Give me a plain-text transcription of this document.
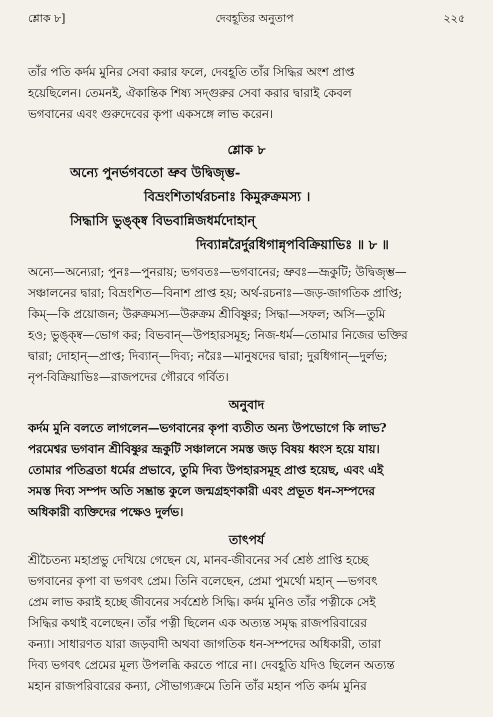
শ্লোক ৮]	দেবহূতির অনুতাপ	২২৫

তাঁর পতি কর্দম মুনির সেবা করার ফলে, দেবহূতি তাঁর সিদ্ধির অংশ প্রাপ্ত

হয়েছিলেন। তেমনই, ঐকান্তিক শিষ্য সদ্গুরুর সেবা করার দ্বারাই কেবল

ভগবানের এবং গুরুদেবের কৃপা একসঙ্গে লাভ করেন।

শ্লোক ৮

অন্যে পুনর্ভগবতো ভ্রুব উদ্বিজৃম্ভ-

বিভ্রংশিতার্থরচনাঃ কিমুরুক্রমস্য ।

সিদ্ধাসি ভুঙ্ক্ষ্ব বিভবান্নিজধর্মদোহান্

দিব্যান্নরৈর্দুরধিগান্নৃপবিক্রিয়াভিঃ ॥ ৮ ॥

অন্যে—অন্যেরা; পুনঃ—পুনরায়; ভগবতঃ—ভগবানের; ভ্রুবঃ—ভ্রূকুটি; উদ্বিজৃম্ভ—

সঞ্চালনের দ্বারা; বিভ্রংশিত—বিনাশ প্রাপ্ত হয়; অর্থ-রচনাঃ—জড়-জাগতিক প্রাপ্তি;

কিম্—কি প্রয়োজন; উরুক্রমস্য—উরুক্রম শ্রীবিষ্ণুর; সিদ্ধা—সফল; অসি—তুমি

হও; ভুঙ্ক্ষ্ব—ভোগ কর; বিভবান্—উপহারসমূহ; নিজ-ধর্ম—তোমার নিজের ভক্তির

দ্বারা; দোহান্—প্রাপ্ত; দিব্যান্—দিব্য; নরৈঃ—মানুষদের দ্বারা; দুরধিগান্—দুর্লভ;

নৃপ-বিক্রিয়াভিঃ—রাজপদের গৌরবে গর্বিত।

অনুবাদ

কর্দম মুনি বলতে লাগলেন—ভগবানের কৃপা ব্যতীত অন্য উপভোগে কি লাভ?

পরমেশ্বর ভগবান শ্রীবিষ্ণুর ভ্রূকুটি সঞ্চালনে সমস্ত জড় বিষয় ধ্বংস হয়ে যায়।

তোমার পতিব্রতা ধর্মের প্রভাবে, তুমি দিব্য উপহারসমূহ প্রাপ্ত হয়েছ, এবং এই

সমস্ত দিব্য সম্পদ অতি সম্ভ্রান্ত কুলে জন্মগ্রহণকারী এবং প্রভূত ধন-সম্পদের

অধিকারী ব্যক্তিদের পক্ষেও দুর্লভ।

তাৎপর্য

শ্রীচৈতন্য মহাপ্রভু দেখিয়ে গেছেন যে, মানব-জীবনের সর্ব শ্রেষ্ঠ প্রাপ্তি হচ্ছে

ভগবানের কৃপা বা ভগবৎ প্রেম। তিনি বলেছেন, প্রেমা পুমর্থো মহান্ —ভগবৎ

প্রেম লাভ করাই হচ্ছে জীবনের সর্বশ্রেষ্ঠ সিদ্ধি। কর্দম মুনিও তাঁর পত্নীকে সেই

সিদ্ধির কথাই বলেছেন। তাঁর পত্নী ছিলেন এক অত্যন্ত সমৃদ্ধ রাজপরিবারের

কন্যা। সাধারণত যারা জড়বাদী অথবা জাগতিক ধন-সম্পদের অধিকারী, তারা

দিব্য ভগবৎ প্রেমের মূল্য উপলব্ধি করতে পারে না। দেবহূতি যদিও ছিলেন অত্যন্ত

মহান রাজপরিবারের কন্যা, সৌভাগ্যক্রমে তিনি তাঁর মহান পতি কর্দম মুনির
